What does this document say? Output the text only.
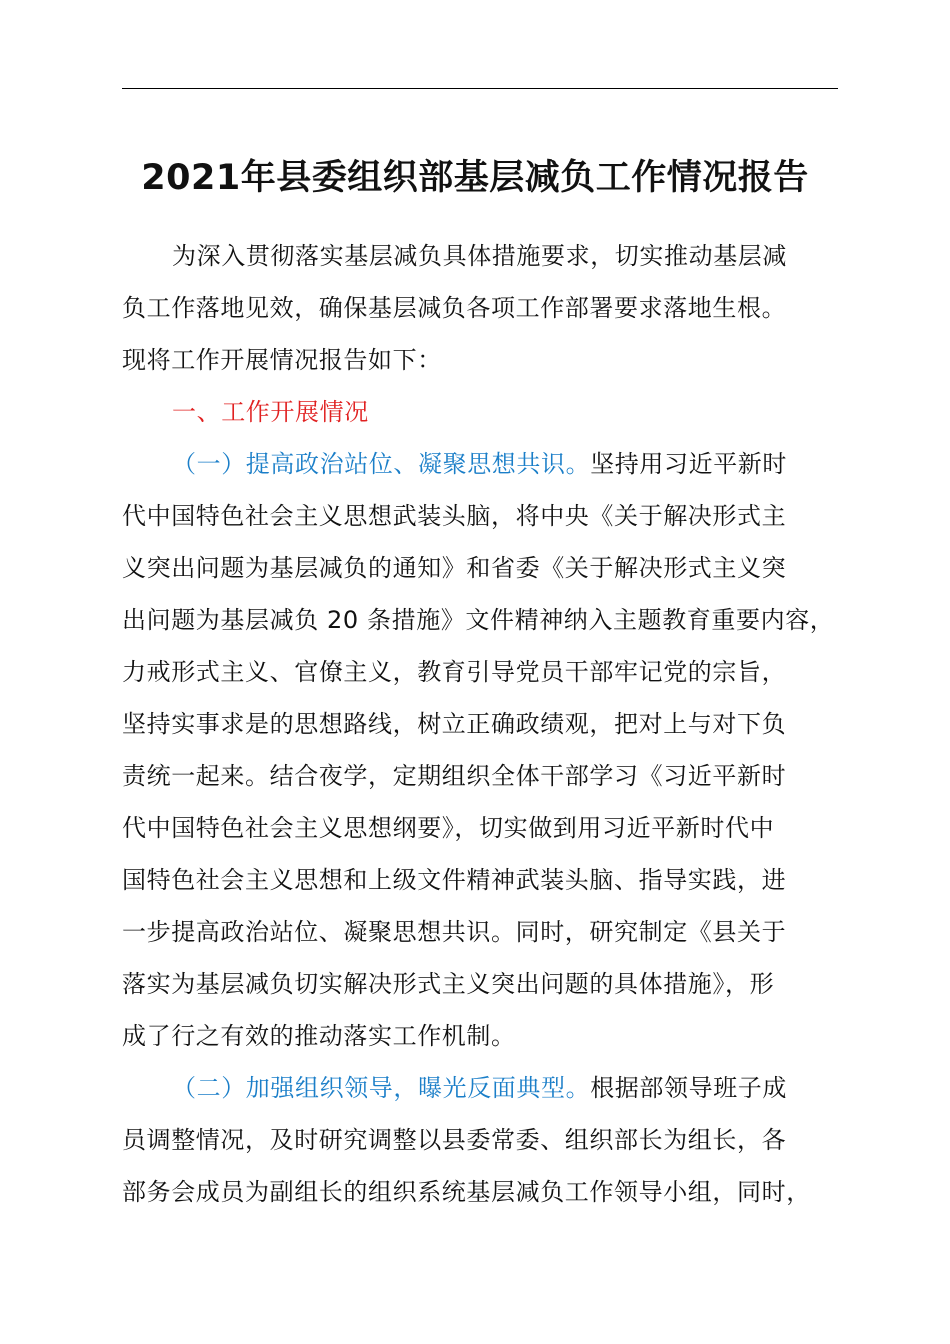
2021年县委组织部基层减负工作情况报告
为深入贯彻落实基层减负具体措施要求，切实推动基层减
负工作落地见效，确保基层减负各项工作部署要求落地生根。
现将工作开展情况报告如下：
一、工作开展情况
（一）提高政治站位、凝聚思想共识。坚持用习近平新时
代中国特色社会主义思想武装头脑，将中央《关于解决形式主
义突出问题为基层减负的通知》和省委《关于解决形式主义突
出问题为基层减负 20 条措施》文件精神纳入主题教育重要内容，
力戒形式主义、官僚主义，教育引导党员干部牢记党的宗旨，
坚持实事求是的思想路线，树立正确政绩观，把对上与对下负
责统一起来。结合夜学，定期组织全体干部学习《习近平新时
代中国特色社会主义思想纲要》，切实做到用习近平新时代中
国特色社会主义思想和上级文件精神武装头脑、指导实践，进
一步提高政治站位、凝聚思想共识。同时，研究制定《县关于
落实为基层减负切实解决形式主义突出问题的具体措施》，形
成了行之有效的推动落实工作机制。
（二）加强组织领导，曝光反面典型。根据部领导班子成
员调整情况，及时研究调整以县委常委、组织部长为组长，各
部务会成员为副组长的组织系统基层减负工作领导小组，同时，
